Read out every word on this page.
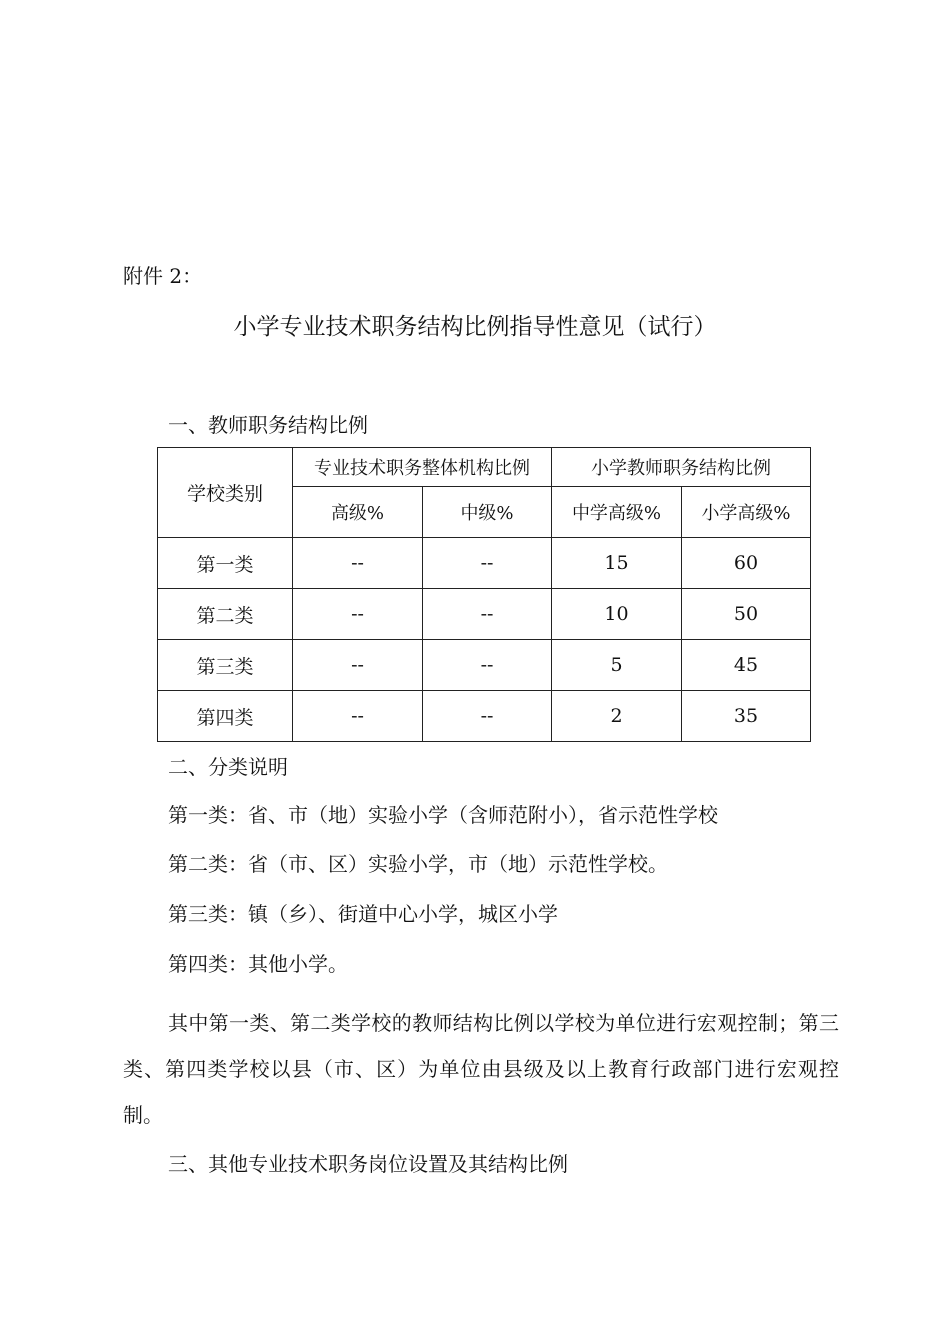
附件 2：
小学专业技术职务结构比例指导性意见（试行）
一、教师职务结构比例
学校类别	专业技术职务整体机构比例		小学教师职务结构比例	
	高级%	中级%	中学高级%	小学高级%
第一类	--	--	15	60
第二类	--	--	10	50
第三类	--	--	5	45
第四类	--	--	2	35
二、分类说明
第一类：省、市（地）实验小学（含师范附小），省示范性学校
第二类：省（市、区）实验小学，市（地）示范性学校。
第三类：镇（乡）、街道中心小学，城区小学
第四类：其他小学。
其中第一类、第二类学校的教师结构比例以学校为单位进行宏观控制；第三类、第四类学校以县（市、区）为单位由县级及以上教育行政部门进行宏观控制。
三、其他专业技术职务岗位设置及其结构比例
